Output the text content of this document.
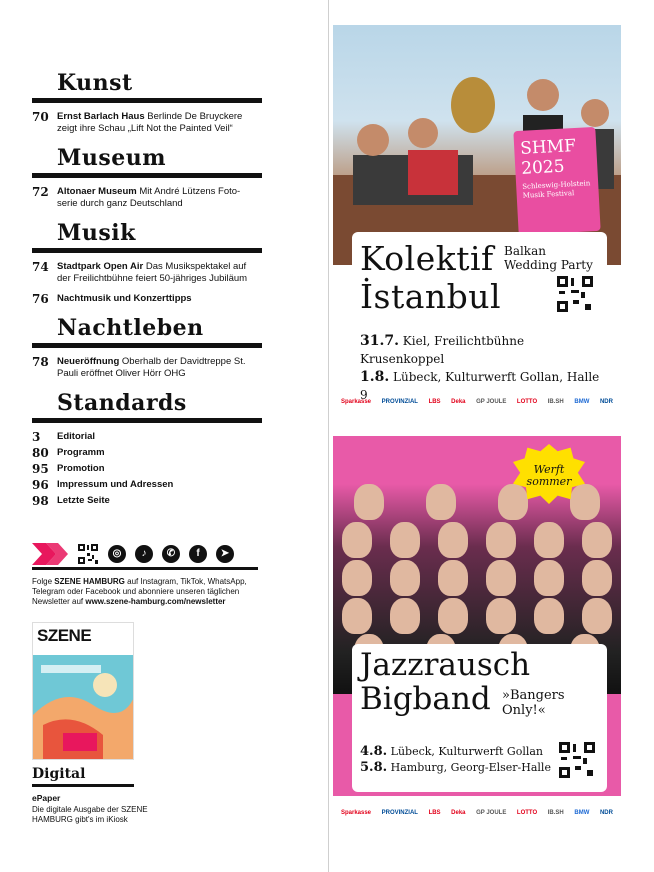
Kunst
70 Ernst Barlach Haus Berlinde De Bruyckere zeigt ihre Schau „Lift Not the Painted Veil“
Museum
72 Altonaer Museum Mit André Lützens Foto- serie durch ganz Deutschland
Musik
74 Stadtpark Open Air Das Musikspektakel auf der Freilichtbühne feiert 50-jähriges Jubiläum
76 Nachtmusik und Konzerttipps
Nachtleben
78 Neueröffnung Oberhalb der Davidtreppe St. Pauli eröffnet Oliver Hörr OHG
Standards
3	Editorial
80 Programm
95 Promotion
96 Impressum und Adressen
98 Letzte Seite
◎	♪	✆	f	➤
Folge SZENE HAMBURG auf Instagram, TikTok, WhatsApp, Telegram oder Facebook und abonniere unseren täglichen Newsletter auf www.szene-hamburg.com/newsletter
SZENE
Digital
ePaper
Die digitale Ausgabe der SZENE HAMBURG gibt's im iKiosk
SHMF
2025
Schleswig-Holstein Musik Festival
Kolektif
İstanbul
Balkan
Wedding Party
31.7. Kiel, Freilichtbühne Krusenkoppel
1.8. Lübeck, Kulturwerft Gollan, Halle 9
Sparkasse PROVINZIAL LBS Deka GP JOULE LOTTO IB.SH BMW NDR
Werft sommer
Jazzrausch
Bigband »Bangers Only!«
4.8. Lübeck, Kulturwerft Gollan
5.8. Hamburg, Georg-Elser-Halle
Sparkasse PROVINZIAL LBS Deka GP JOULE LOTTO IB.SH BMW NDR
